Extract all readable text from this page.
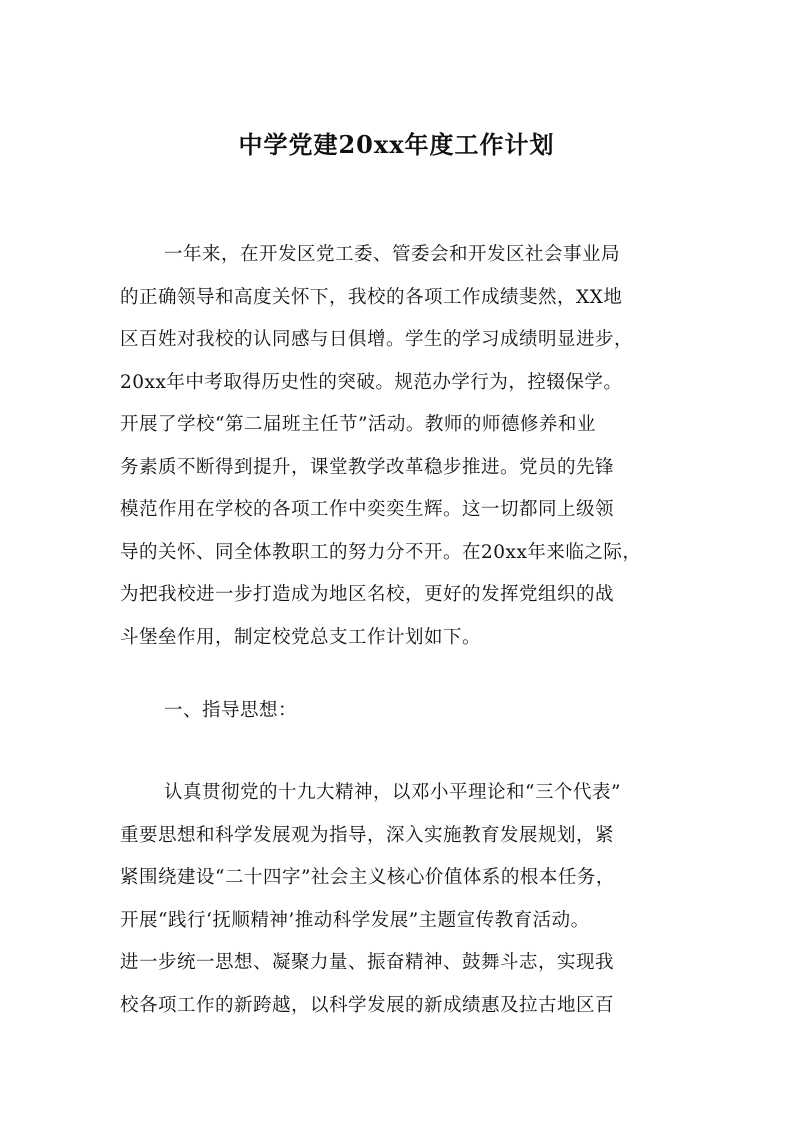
中学党建20xx年度工作计划
一年来，在开发区党工委、管委会和开发区社会事业局
的正确领导和高度关怀下，我校的各项工作成绩斐然，XX地
区百姓对我校的认同感与日俱增。学生的学习成绩明显进步，
20xx年中考取得历史性的突破。规范办学行为，控辍保学。
开展了学校“第二届班主任节”活动。教师的师德修养和业
务素质不断得到提升，课堂教学改革稳步推进。党员的先锋
模范作用在学校的各项工作中奕奕生辉。这一切都同上级领
导的关怀、同全体教职工的努力分不开。在20xx年来临之际，
为把我校进一步打造成为地区名校，更好的发挥党组织的战
斗堡垒作用，制定校党总支工作计划如下。
一、指导思想：
认真贯彻党的十九大精神，以邓小平理论和“三个代表”
重要思想和科学发展观为指导，深入实施教育发展规划，紧
紧围绕建设“二十四字”社会主义核心价值体系的根本任务，
开展“践行‘抚顺精神’推动科学发展”主题宣传教育活动。
进一步统一思想、凝聚力量、振奋精神、鼓舞斗志，实现我
校各项工作的新跨越，以科学发展的新成绩惠及拉古地区百
